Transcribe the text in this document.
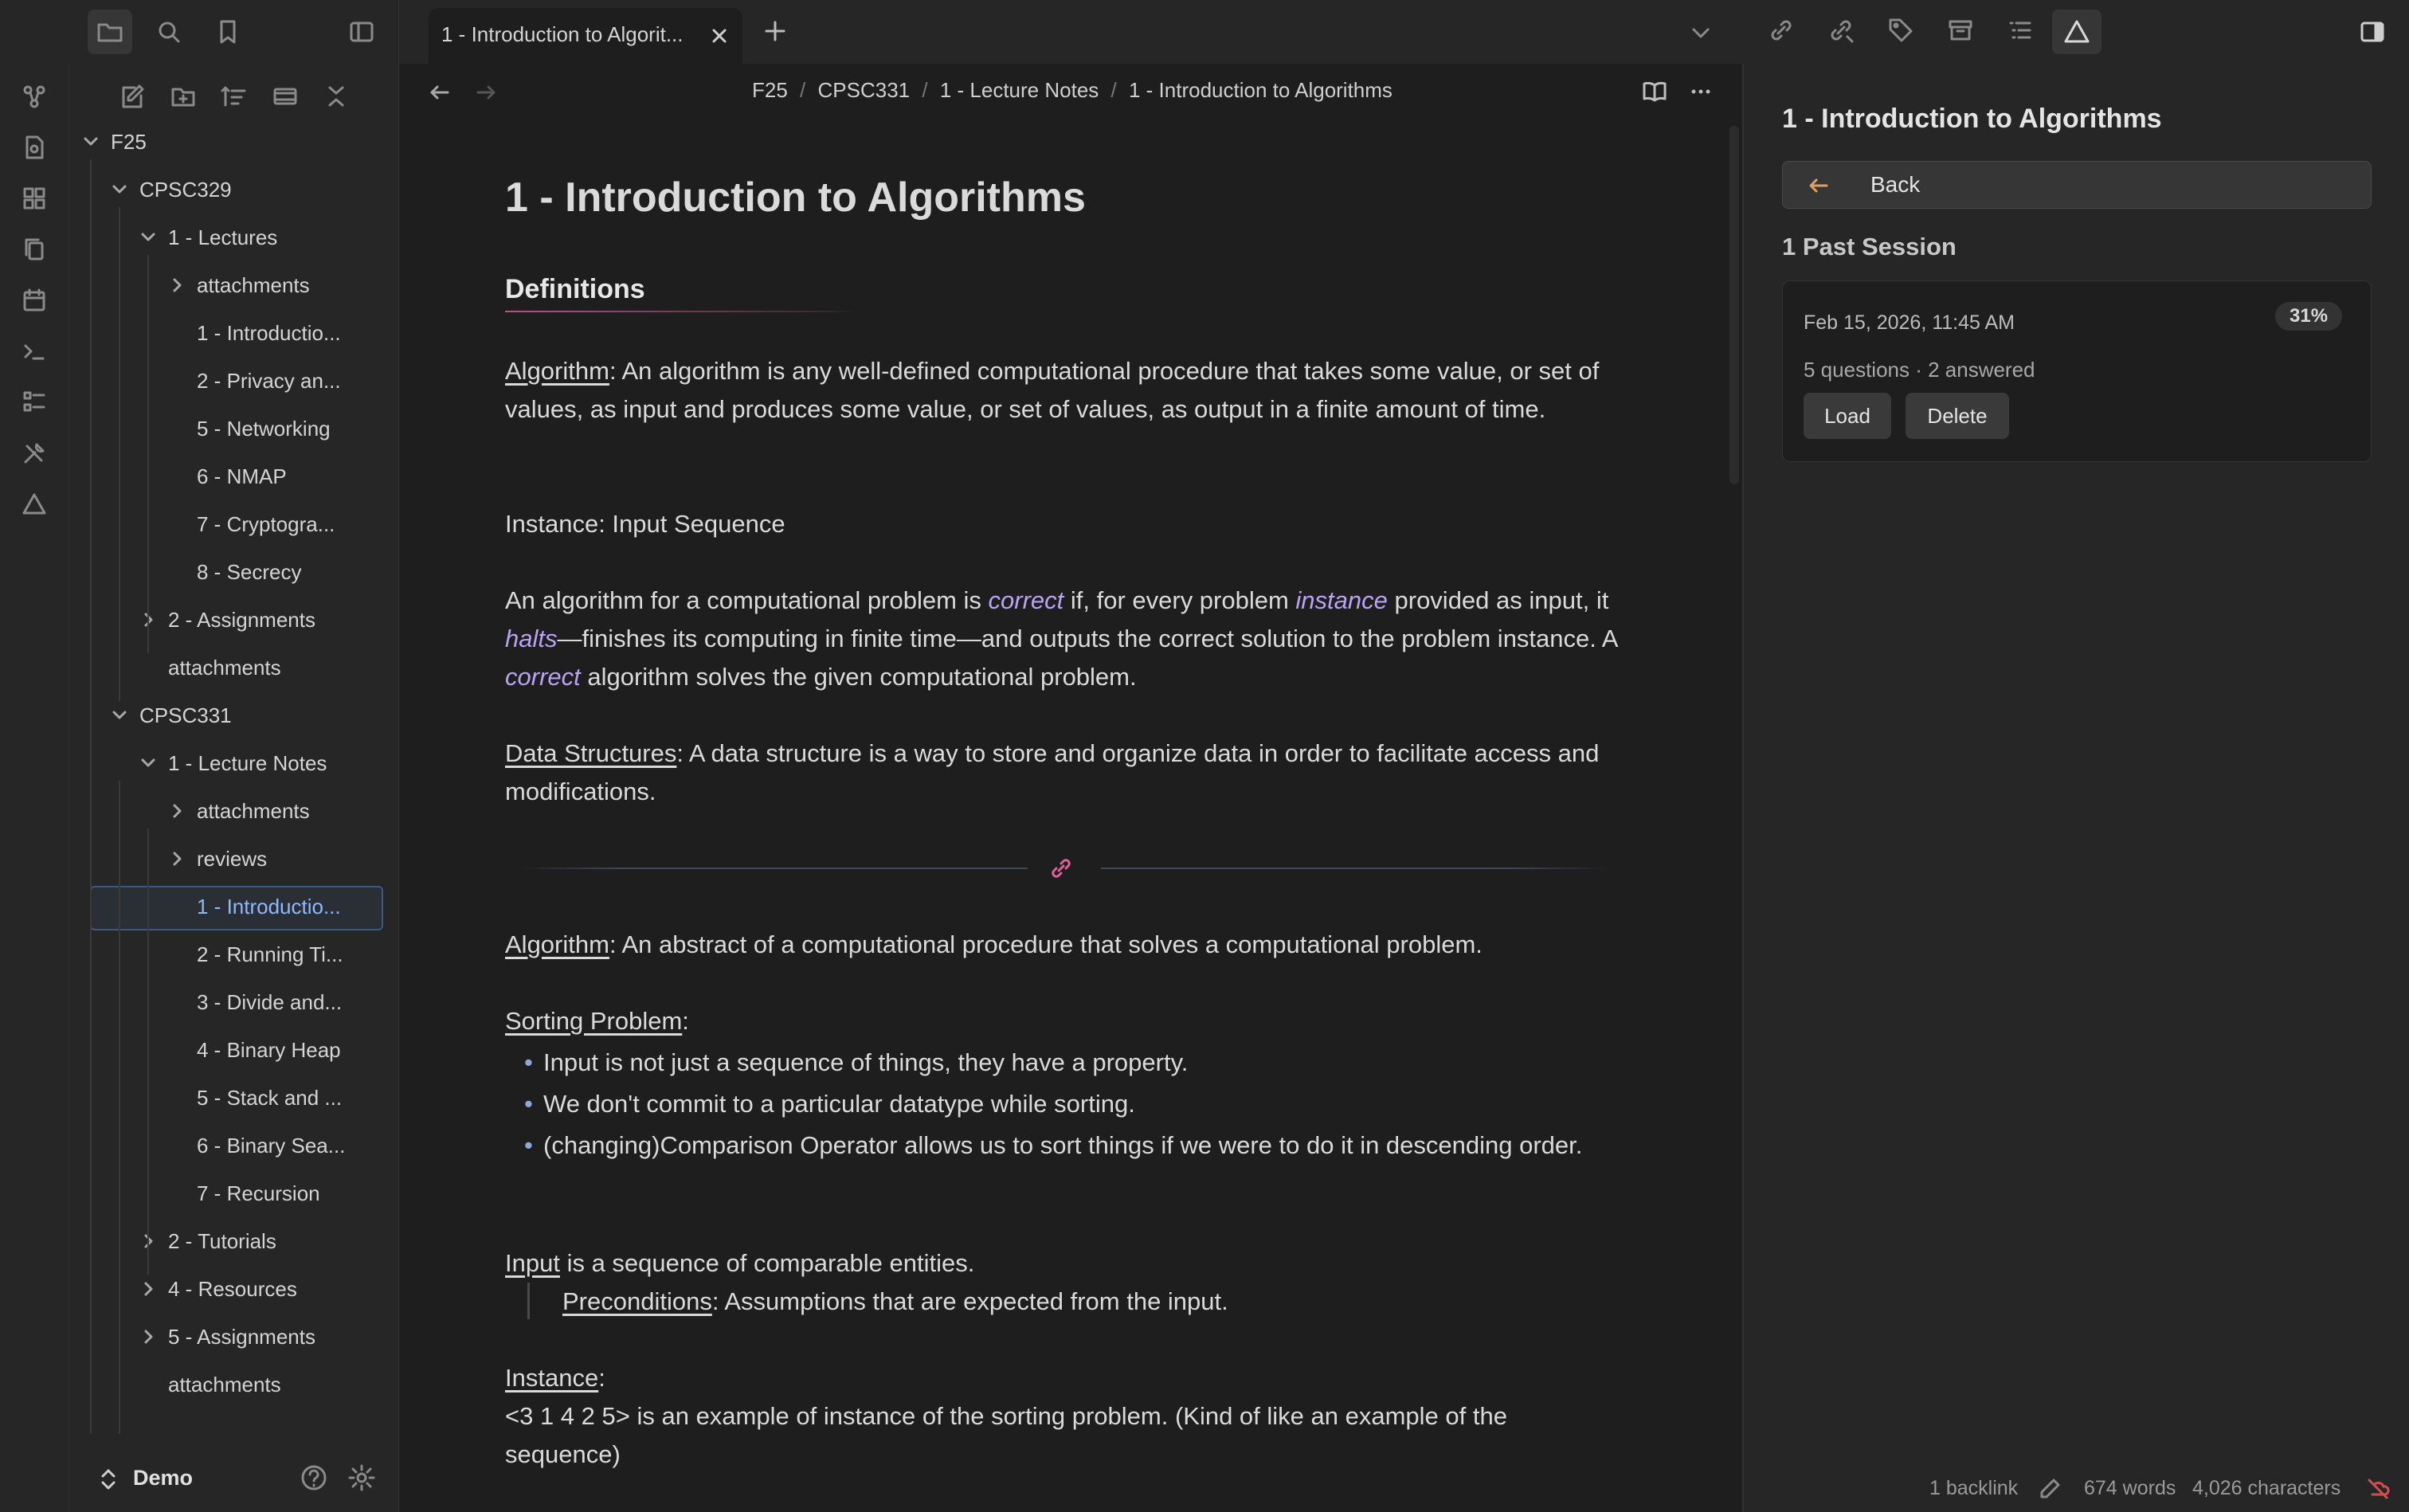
1 - Introduction to Algorit...
F25
CPSC329
1 - Lectures
attachments
1 - Introductio...
2 - Privacy an...
5 - Networking
6 - NMAP
7 - Cryptogra...
8 - Secrecy
2 - Assignments
attachments
CPSC331
1 - Lecture Notes
attachments
reviews
1 - Introductio...
2 - Running Ti...
3 - Divide and...
4 - Binary Heap
5 - Stack and ...
6 - Binary Sea...
7 - Recursion
2 - Tutorials
4 - Resources
5 - Assignments
attachments
Demo
F25 / CPSC331 / 1 - Lecture Notes / 1 - Introduction to Algorithms
1 - Introduction to Algorithms
Definitions
Algorithm: An algorithm is any well-defined computational procedure that takes some value, or set of values, as input and produces some value, or set of values, as output in a finite amount of time.
Instance: Input Sequence
An algorithm for a computational problem is correct if, for every problem instance provided as input, it halts—finishes its computing in finite time—and outputs the correct solution to the problem instance. A correct algorithm solves the given computational problem.
Data Structures: A data structure is a way to store and organize data in order to facilitate access and modifications.
Algorithm: An abstract of a computational procedure that solves a computational problem.
Sorting Problem:
• Input is not just a sequence of things, they have a property.
• We don't commit to a particular datatype while sorting.
• (changing)Comparison Operator allows us to sort things if we were to do it in descending order.
Input is a sequence of comparable entities.
Preconditions: Assumptions that are expected from the input.
Instance:
<3 1 4 2 5> is an example of instance of the sorting problem. (Kind of like an example of the sequence)
1 - Introduction to Algorithms
Back
1 Past Session
Feb 15, 2026, 11:45 AM	31%
5 questions · 2 answered
Load	Delete
1 backlink	674 words 4,026 characters
